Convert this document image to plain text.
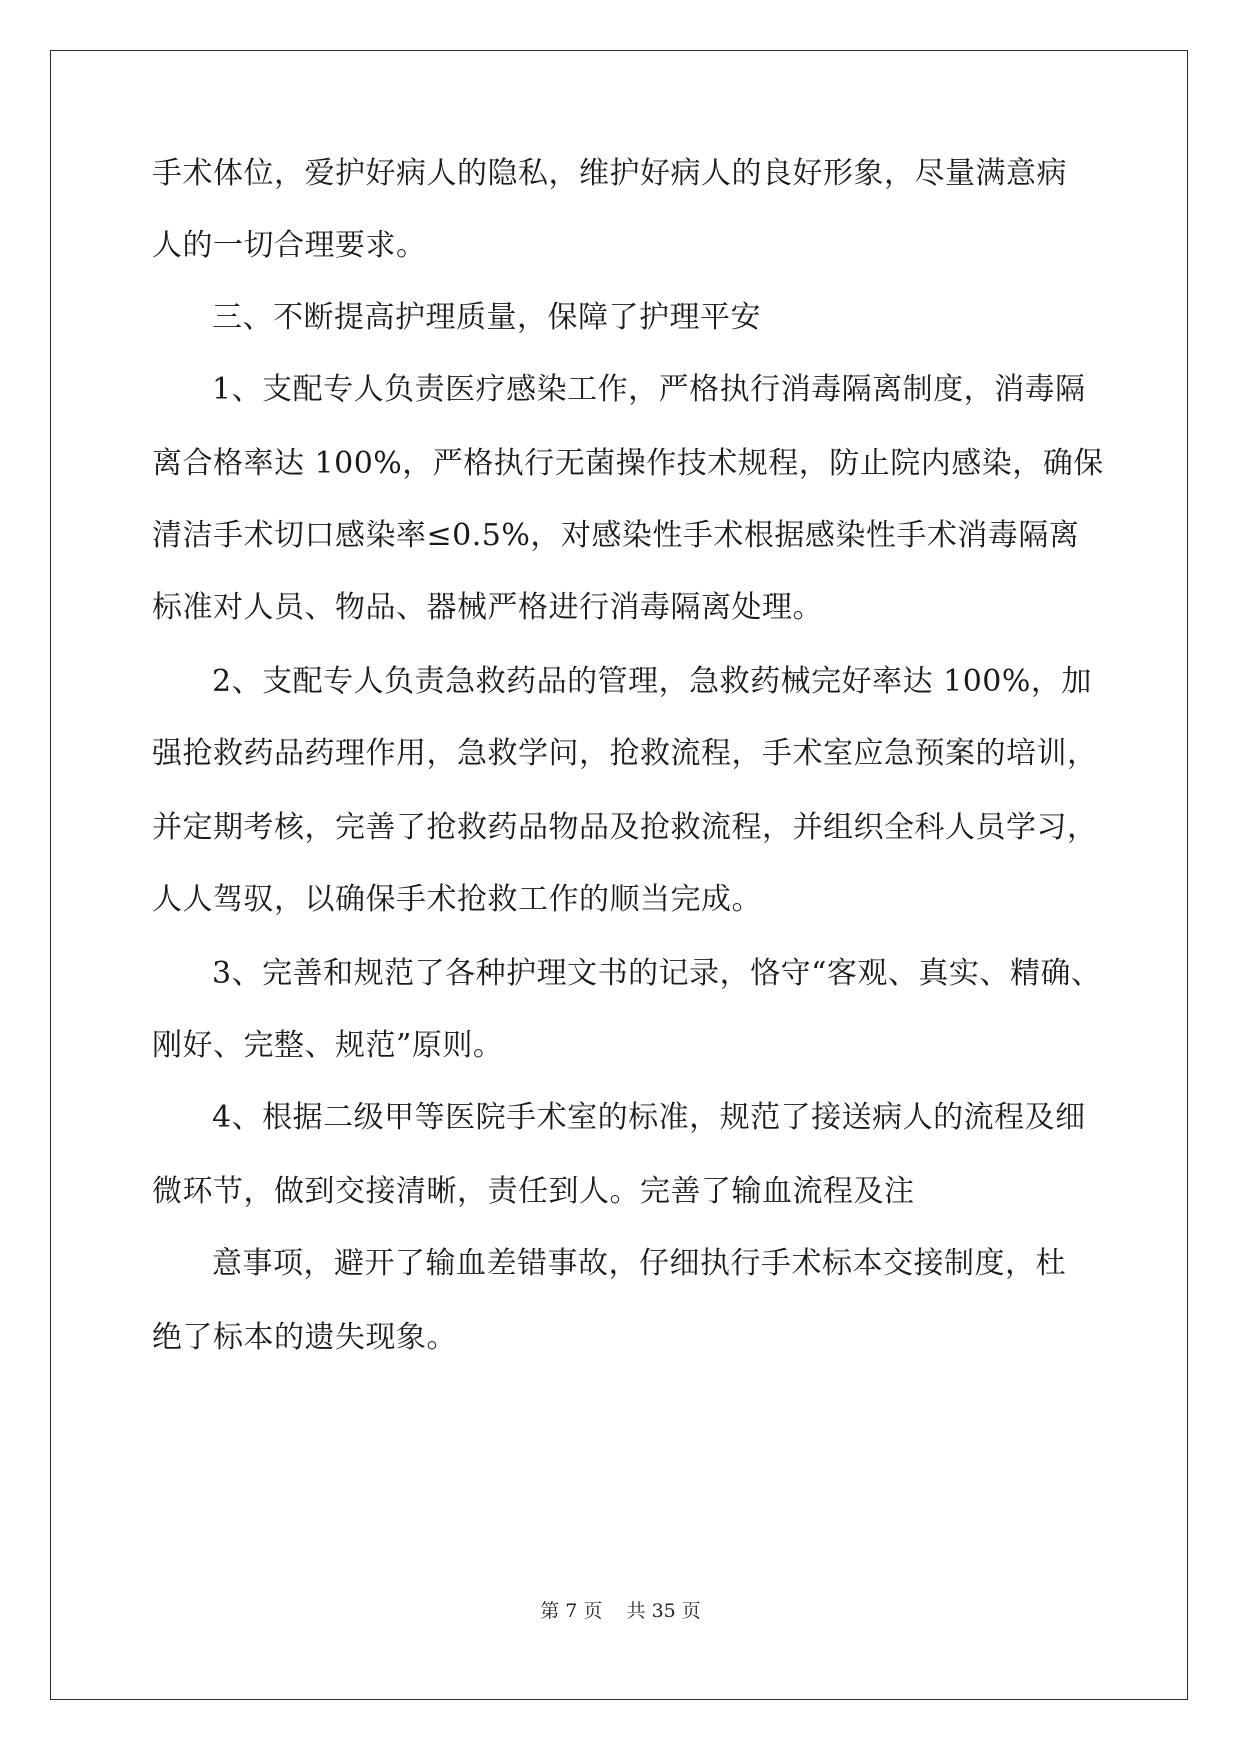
手术体位，爱护好病人的隐私，维护好病人的良好形象，尽量满意病
人的一切合理要求。
三、不断提高护理质量，保障了护理平安
1、支配专人负责医疗感染工作，严格执行消毒隔离制度，消毒隔
离合格率达 100%，严格执行无菌操作技术规程，防止院内感染，确保
清洁手术切口感染率≤0.5%，对感染性手术根据感染性手术消毒隔离
标准对人员、物品、器械严格进行消毒隔离处理。
2、支配专人负责急救药品的管理，急救药械完好率达 100%，加
强抢救药品药理作用，急救学问，抢救流程，手术室应急预案的培训，
并定期考核，完善了抢救药品物品及抢救流程，并组织全科人员学习，
人人驾驭，以确保手术抢救工作的顺当完成。
3、完善和规范了各种护理文书的记录，恪守“客观、真实、精确、
刚好、完整、规范”原则。
4、根据二级甲等医院手术室的标准，规范了接送病人的流程及细
微环节，做到交接清晰，责任到人。完善了输血流程及注
意事项，避开了输血差错事故，仔细执行手术标本交接制度，杜
绝了标本的遗失现象。
第 7 页    共 35 页
